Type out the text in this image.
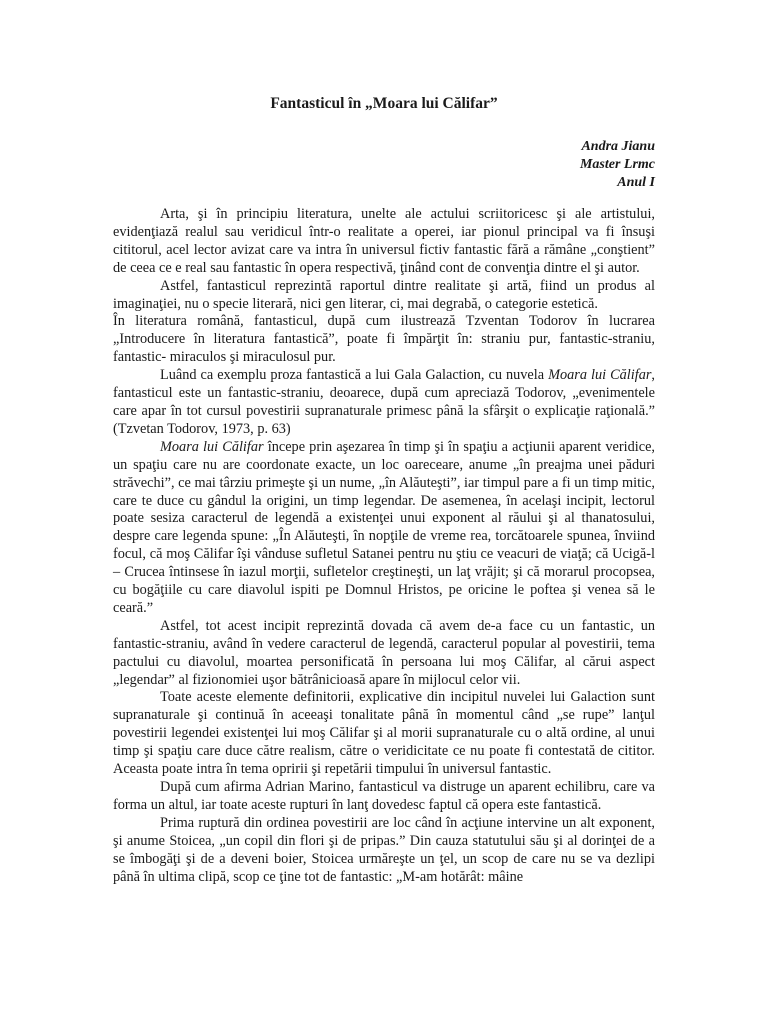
Fantasticul în „Moara lui Călifar”
Andra Jianu
Master Lrmc
Anul I

Arta, şi în principiu literatura, unelte ale actului scriitoricesc şi ale artistului, evidenţiază realul sau veridicul într-o realitate a operei, iar pionul principal va fi însuşi cititorul, acel lector avizat care va intra în universul fictiv fantastic fără a rămâne „conştient” de ceea ce e real sau fantastic în opera respectivă, ţinând cont de convenţia dintre el şi autor.

Astfel, fantasticul reprezintă raportul dintre realitate şi artă, fiind un produs al imaginaţiei, nu o specie literară, nici gen literar, ci, mai degrabă, o categorie estetică.

În literatura română, fantasticul, după cum ilustrează Tzventan Todorov în lucrarea „Introducere în literatura fantastică”, poate fi împărţit în: straniu pur, fantastic-straniu, fantastic- miraculos şi miraculosul pur.

Luând ca exemplu proza fantastică a lui Gala Galaction, cu nuvela Moara lui Călifar, fantasticul este un fantastic-straniu, deoarece, după cum apreciază Todorov, „evenimentele care apar în tot cursul povestirii supranaturale primesc până la sfârşit o explicaţie raţională.” (Tzvetan Todorov, 1973, p. 63)

Moara lui Călifar începe prin aşezarea în timp şi în spaţiu a acţiunii aparent veridice, un spaţiu care nu are coordonate exacte, un loc oareceare, anume „în preajma unei păduri străvechi”, ce mai târziu primeşte şi un nume, „în Alăuteşti”, iar timpul pare a fi un timp mitic, care te duce cu gândul la origini, un timp legendar. De asemenea, în acelaşi incipit, lectorul poate sesiza caracterul de legendă a existenţei unui exponent al răului şi al thanatosului, despre care legenda spune: „În Alăuteşti, în nopţile de vreme rea, torcătoarele spunea, înviind focul, că moş Călifar îşi vânduse sufletul Satanei pentru nu ştiu ce veacuri de viaţă; că Ucigă-l – Crucea întinsese în iazul morţii, sufletelor creştineşti, un laţ vrăjit; şi că morarul procopsea, cu bogăţiile cu care diavolul ispiti pe Domnul Hristos, pe oricine le poftea şi venea să le ceară.”

Astfel, tot acest incipit reprezintă dovada că avem de-a face cu un fantastic, un fantastic-straniu, având în vedere caracterul de legendă, caracterul popular al povestirii, tema pactului cu diavolul, moartea personificată în persoana lui moş Călifar, al cărui aspect „legendar” al fizionomiei uşor bătrânicioasă apare în mijlocul celor vii.

Toate aceste elemente definitorii, explicative din incipitul nuvelei lui Galaction sunt supranaturale şi continuă în aceeaşi tonalitate până în momentul când „se rupe” lanţul povestirii legendei existenţei lui moş Călifar şi al morii supranaturale cu o altă ordine, al unui timp şi spaţiu care duce către realism, către o veridicitate ce nu poate fi contestată de cititor. Aceasta poate intra în tema opririi şi repetării timpului în universul fantastic.

După cum afirma Adrian Marino, fantasticul va distruge un aparent echilibru, care va forma un altul, iar toate aceste rupturi în lanţ dovedesc faptul că opera este fantastică.

Prima ruptură din ordinea povestirii are loc când în acţiune intervine un alt exponent, şi anume Stoicea, „un copil din flori şi de pripas.” Din cauza statutului său şi al dorinţei de a se îmbogăţi şi de a deveni boier, Stoicea urmăreşte un ţel, un scop de care nu se va dezlipi până în ultima clipă, scop ce ţine tot de fantastic: „M-am hotărât: mâine
